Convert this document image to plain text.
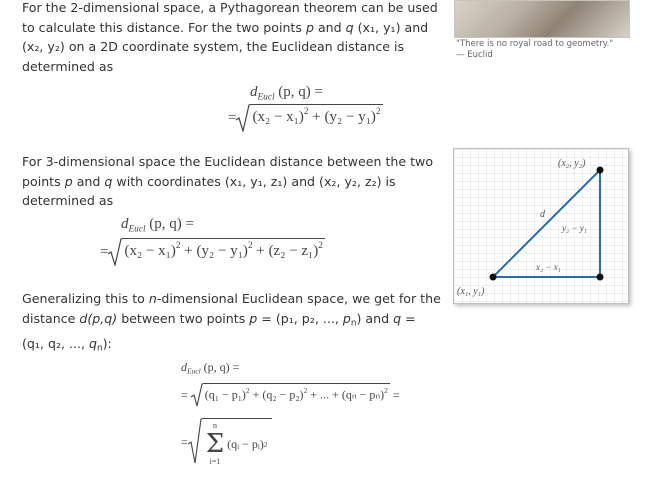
For the 2-dimensional space, a Pythagorean theorem can be used
to calculate this distance. For the two points p and q (x₁, y₁) and
(x₂, y₂) on a 2D coordinate system, the Euclidean distance is
determined as
$d_{Eucl}$ (p, q) =
= $(x_2 - x_1)^2 + (y_2 - y_1)^2$
For 3-dimensional space the Euclidean distance between the two
points p and q with coordinates (x₁, y₁, z₁) and (x₂, y₂, z₂) is
determined as
$d_{Eucl}$ (p, q) =
= $(x_2 - x_1)^2 + (y_2 - y_1)^2 + (z_2 - z_1)^2$
Generalizing this to n-dimensional Euclidean space, we get for the
distance d(p,q) between two points p = (p₁, p₂, ..., $p_n$) and q =
(q₁, q₂, ..., $q_n$):
$d_{Eucl}$ (p, q) =
=
$(q_1 - p_1)^2 + (q_2 - p_2)^2$ + ... + $(q_n - p_n)^2$
=
=
n
Σ
i=1

(qᵢ − pᵢ) 2
"There is no royal road to geometry."
— Euclid
(x₂, y₂)
d
y₂ − y₁
x₂ − x₁
(x₁, y₁)
